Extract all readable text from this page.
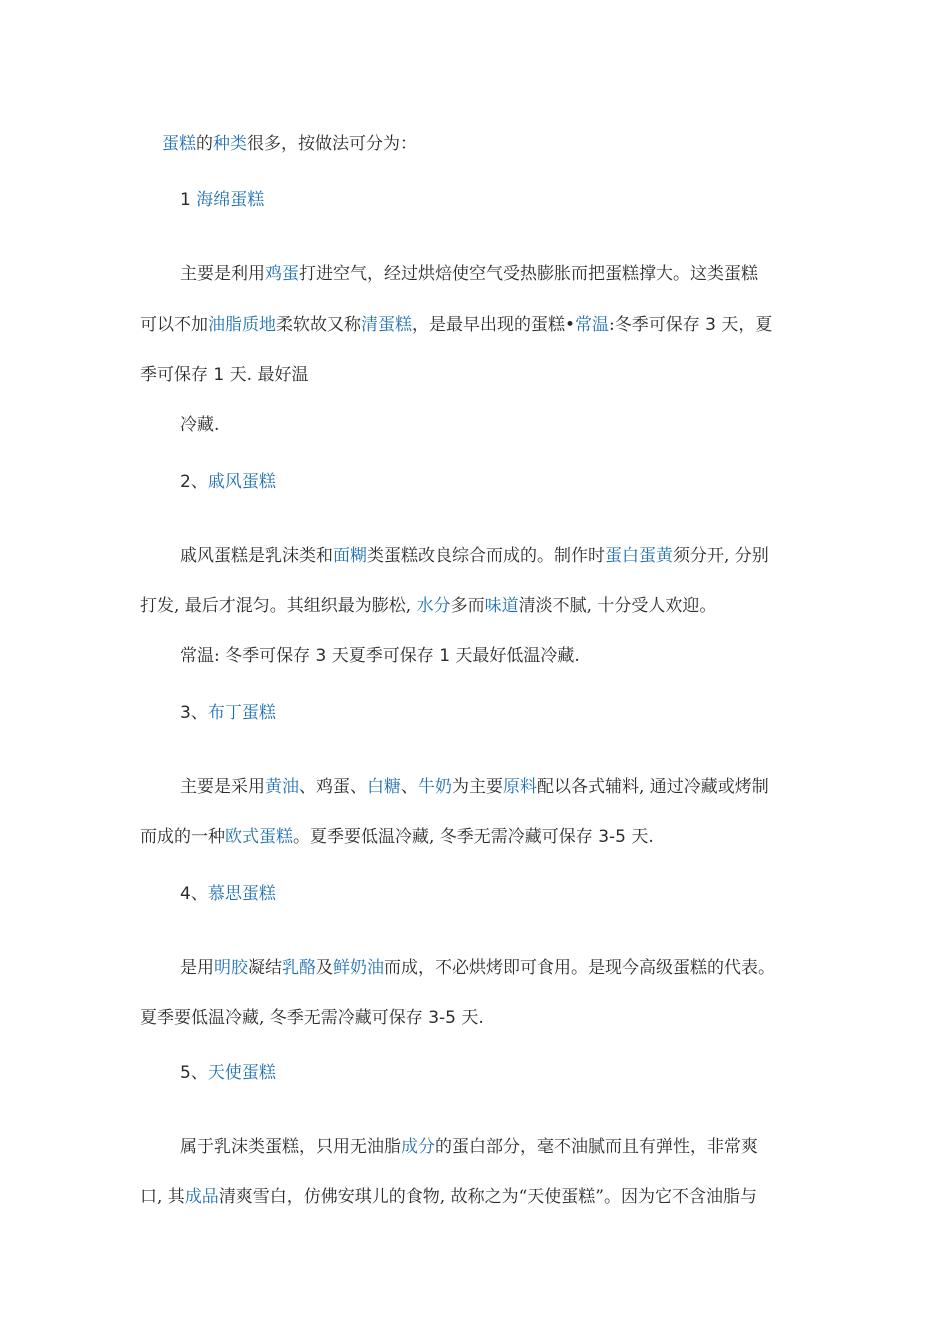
蛋糕的种类很多，按做法可分为：
1 海绵蛋糕
主要是利用鸡蛋打进空气，经过烘焙使空气受热膨胀而把蛋糕撑大。这类蛋糕
可以不加油脂质地柔软故又称清蛋糕，是最早出现的蛋糕•常温:冬季可保存 3 天，夏
季可保存 1 天. 最好温
冷藏.
2、戚风蛋糕
戚风蛋糕是乳沫类和面糊类蛋糕改良综合而成的。制作时蛋白蛋黄须分开, 分别
打发, 最后才混匀。其组织最为膨松, 水分多而味道清淡不腻, 十分受人欢迎。
常温: 冬季可保存 3 天夏季可保存 1 天最好低温冷藏.
3、布丁蛋糕
主要是采用黄油、鸡蛋、白糖、牛奶为主要原料配以各式辅料, 通过冷藏或烤制
而成的一种欧式蛋糕。夏季要低温冷藏, 冬季无需冷藏可保存 3-5 天.
4、慕思蛋糕
是用明胶凝结乳酪及鲜奶油而成，不必烘烤即可食用。是现今高级蛋糕的代表。
夏季要低温冷藏, 冬季无需冷藏可保存 3-5 天.
5、天使蛋糕
属于乳沫类蛋糕，只用无油脂成分的蛋白部分，毫不油腻而且有弹性，非常爽
口, 其成品清爽雪白，仿佛安琪儿的食物, 故称之为“天使蛋糕”。因为它不含油脂与
